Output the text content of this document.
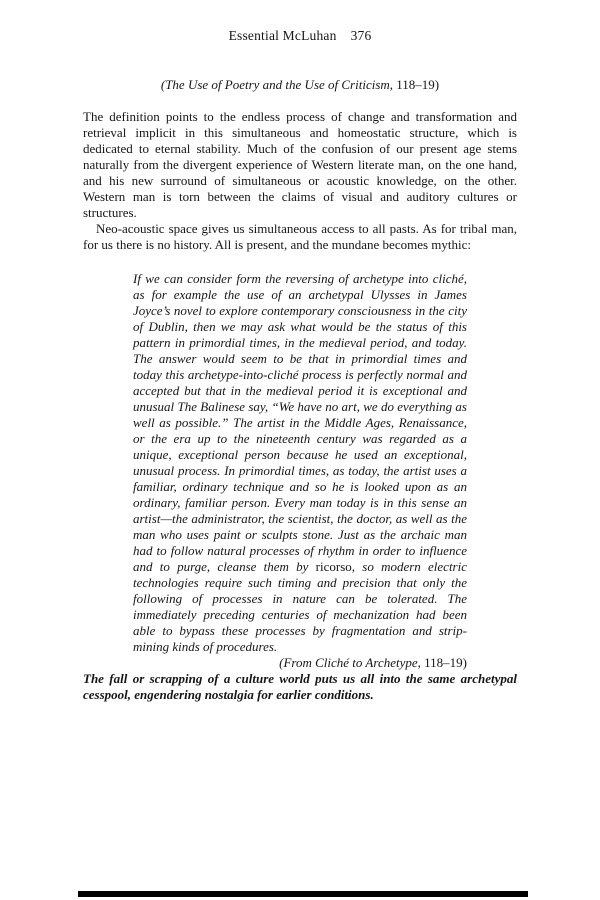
Essential McLuhan 376
(The Use of Poetry and the Use of Criticism, 118–19)

The definition points to the endless process of change and transformation and retrieval implicit in this simultaneous and homeostatic structure, which is dedicated to eternal stability. Much of the confusion of our present age stems naturally from the divergent experience of Western literate man, on the one hand, and his new surround of simultaneous or acoustic knowledge, on the other. Western man is torn between the claims of visual and auditory cultures or structures.

Neo-acoustic space gives us simultaneous access to all pasts. As for tribal man, for us there is no history. All is present, and the mundane becomes mythic:

If we can consider form the reversing of archetype into cliché, as for example the use of an archetypal Ulysses in James Joyce’s novel to explore contemporary consciousness in the city of Dublin, then we may ask what would be the status of this pattern in primordial times, in the medieval period, and today. The answer would seem to be that in primordial times and today this archetype-into-cliché process is perfectly normal and accepted but that in the medieval period it is exceptional and unusual The Balinese say, “We have no art, we do everything as well as possible.” The artist in the Middle Ages, Renaissance, or the era up to the nineteenth century was regarded as a unique, exceptional person because he used an exceptional, unusual process. In primordial times, as today, the artist uses a familiar, ordinary technique and so he is looked upon as an ordinary, familiar person. Every man today is in this sense an artist—the administrator, the scientist, the doctor, as well as the man who uses paint or sculpts stone. Just as the archaic man had to follow natural processes of rhythm in order to influence and to purge, cleanse them by ricorso, so modern electric technologies require such timing and precision that only the following of processes in nature can be tolerated. The immediately preceding centuries of mechanization had been able to bypass these processes by fragmentation and strip-mining kinds of procedures.
(From Cliché to Archetype, 118–19)

The fall or scrapping of a culture world puts us all into the same archetypal cesspool, engendering nostalgia for earlier conditions.
